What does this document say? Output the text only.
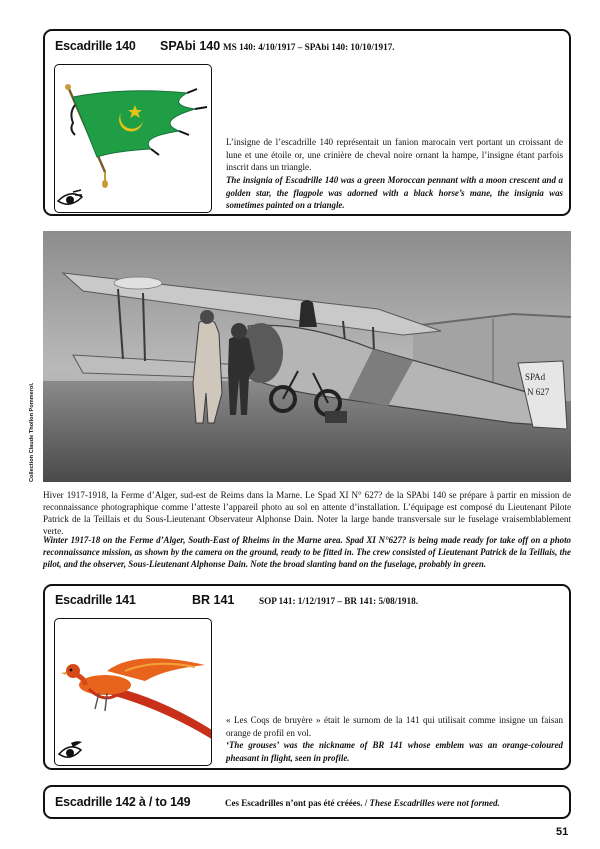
Escadrille 140 SPAbi 140 MS 140: 4/10/1917 – SPAbi 140: 10/10/1917.
L’insigne de l’escadrille 140 représentait un fanion marocain vert portant un croissant de lune et une étoile or, une crinière de cheval noire ornant la hampe, l’insigne étant parfois inscrit dans un triangle.
The insignia of Escadrille 140 was a green Moroccan pennant with a moon crescent and a golden star, the flagpole was adorned with a black horse’s mane, the insignia was sometimes painted on a triangle.
SPAd
N 627
Collection Claude Thollon Pommerol.
Hiver 1917-1918, la Ferme d’Alger, sud-est de Reims dans la Marne. Le Spad XI N° 627? de la SPAbi 140 se prépare à partir en mission de reconnaissance photographique comme l’atteste l’appareil photo au sol en attente d’installation. L’équipage est composé du Lieutenant Pilote Patrick de la Teillais et du Sous-Lieutenant Observateur Alphonse Dain. Noter la large bande transversale sur le fuselage vraisemblablement verte.
Winter 1917-18 on the Ferme d’Alger, South-East of Rheims in the Marne area. Spad XI N°627? is being made ready for take off on a photo reconnaissance mission, as shown by the camera on the ground, ready to be fitted in. The crew consisted of Lieutenant Patrick de la Teillais, the pilot, and the observer, Sous-Lieutenant Alphonse Dain. Note the broad slanting band on the fuselage, probably in green.
Escadrille 141	BR 141	SOP 141: 1/12/1917 – BR 141: 5/08/1918.
« Les Coqs de bruyère » était le surnom de la 141 qui utilisait comme insigne un faisan orange de profil en vol.
‘The grouses’ was the nickname of BR 141 whose emblem was an orange-coloured pheasant in flight, seen in profile.
Escadrille 142 à / to 149	Ces Escadrilles n’ont pas été créées. / These Escadrilles were not formed.
51
